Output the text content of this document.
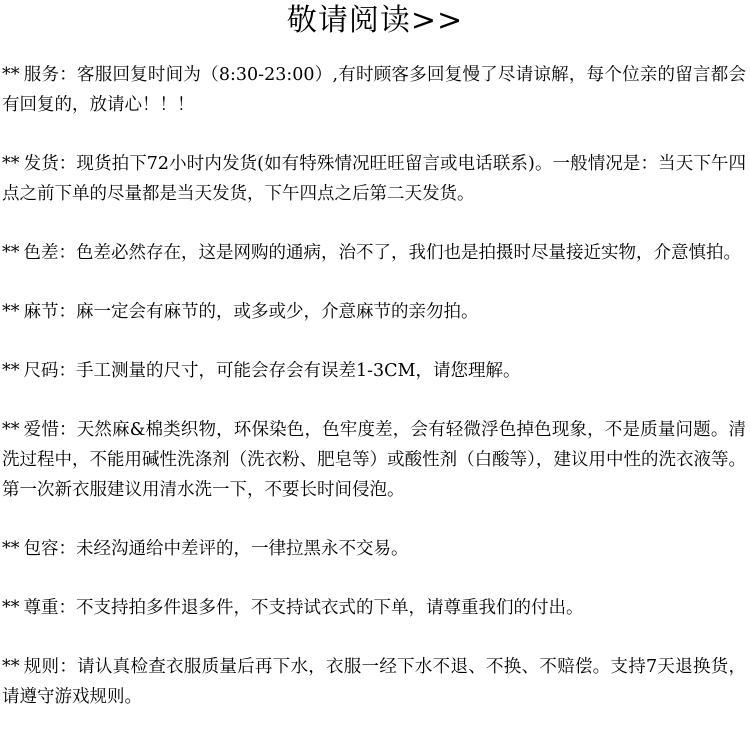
敬请阅读>>
** 服务：客服回复时间为（8:30-23:00）,有时顾客多回复慢了尽请谅解，每个位亲的留言都会有回复的，放请心！！！
** 发货：现货拍下72小时内发货(如有特殊情况旺旺留言或电话联系)。一般情况是：当天下午四点之前下单的尽量都是当天发货，下午四点之后第二天发货。
** 色差：色差必然存在，这是网购的通病，治不了，我们也是拍摄时尽量接近实物，介意慎拍。
** 麻节：麻一定会有麻节的，或多或少，介意麻节的亲勿拍。
** 尺码：手工测量的尺寸，可能会存会有误差1-3CM，请您理解。
** 爱惜：天然麻&棉类织物，环保染色，色牢度差，会有轻微浮色掉色现象，不是质量问题。清洗过程中，不能用碱性洗涤剂（洗衣粉、肥皂等）或酸性剂（白酸等），建议用中性的洗衣液等。第一次新衣服建议用清水洗一下，不要长时间侵泡。
** 包容：未经沟通给中差评的，一律拉黑永不交易。
** 尊重：不支持拍多件退多件，不支持试衣式的下单，请尊重我们的付出。
** 规则：请认真检查衣服质量后再下水，衣服一经下水不退、不换、不赔偿。支持7天退换货，请遵守游戏规则。
